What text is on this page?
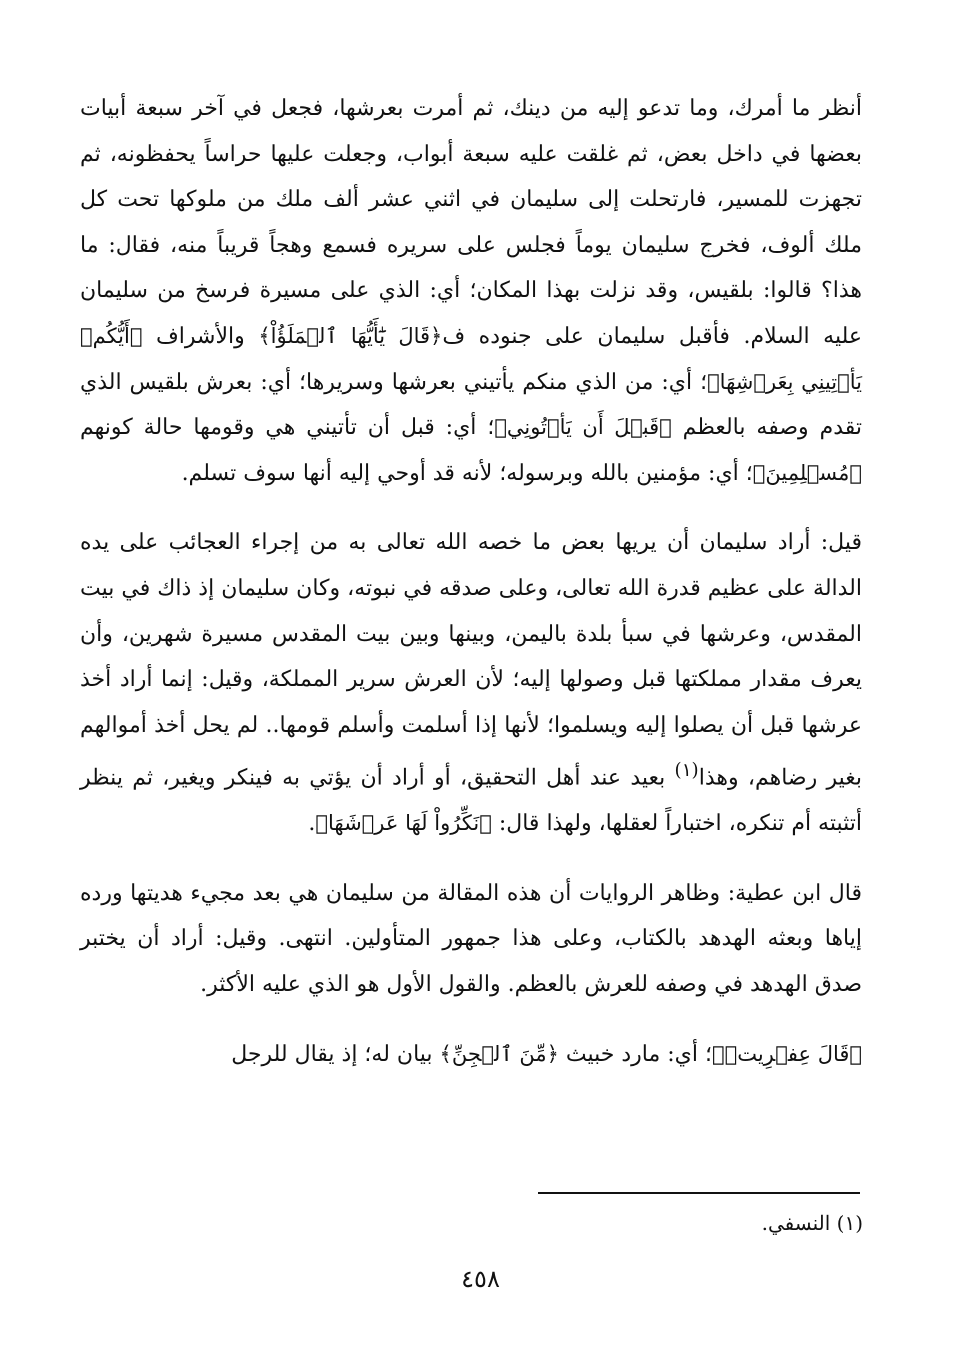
أنظر ما أمرك، وما تدعو إليه من دينك، ثم أمرت بعرشها، فجعل في آخر سبعة أبيات بعضها في داخل بعض، ثم غلقت عليه سبعة أبواب، وجعلت عليها حراساً يحفظونه، ثم تجهزت للمسير، فارتحلت إلى سليمان في اثني عشر ألف ملك من ملوكها تحت كل ملك ألوف، فخرج سليمان يوماً فجلس على سريره فسمع وهجاً قريباً منه، فقال: ما هذا؟ قالوا: بلقيس، وقد نزلت بهذا المكان؛ أي: الذي على مسيرة فرسخ من سليمان عليه السلام. فأقبل سليمان على جنوده ف﴿قَالَ يَٰٓأَيُّهَا ٱلۡمَلَؤُاْ﴾ والأشراف ﴿أَيُّكُمۡ يَأۡتِينِي بِعَرۡشِهَا﴾؛ أي: من الذي منكم يأتيني بعرشها وسريرها؛ أي: بعرش بلقيس الذي تقدم وصفه بالعظم ﴿قَبۡلَ أَن يَأۡتُونِي﴾؛ أي: قبل أن تأتيني هي وقومها حالة كونهم ﴿مُسۡلِمِينَ﴾؛ أي: مؤمنين بالله وبرسوله؛ لأنه قد أوحي إليه أنها سوف تسلم.

قيل: أراد سليمان أن يريها بعض ما خصه الله تعالى به من إجراء العجائب على يده الدالة على عظيم قدرة الله تعالى، وعلى صدقه في نبوته، وكان سليمان إذ ذاك في بيت المقدس، وعرشها في سبأ بلدة باليمن، وبينها وبين بيت المقدس مسيرة شهرين، وأن يعرف مقدار مملكتها قبل وصولها إليه؛ لأن العرش سرير المملكة، وقيل: إنما أراد أخذ عرشها قبل أن يصلوا إليه ويسلموا؛ لأنها إذا أسلمت وأسلم قومها.. لم يحل أخذ أموالهم بغير رضاهم، وهذا$^{(١)}$ بعيد عند أهل التحقيق، أو أراد أن يؤتي به فينكر ويغير، ثم ينظر أتثبته أم تنكره، اختباراً لعقلها، ولهذا قال: ﴿نَكِّرُواْ لَهَا عَرۡشَهَا﴾.

قال ابن عطية: وظاهر الروايات أن هذه المقالة من سليمان هي بعد مجيء هديتها ورده إياها وبعثه الهدهد بالكتاب، وعلى هذا جمهور المتأولين. انتهى. وقيل: أراد أن يختبر صدق الهدهد في وصفه للعرش بالعظم. والقول الأول هو الذي عليه الأكثر.

﴿قَالَ عِفۡرِيتٞ﴾؛ أي: مارد خبيث ﴿مِّنَ ٱلۡجِنِّ﴾ بيان له؛ إذ يقال للرجل

(١) النسفي.
٤٥٨
